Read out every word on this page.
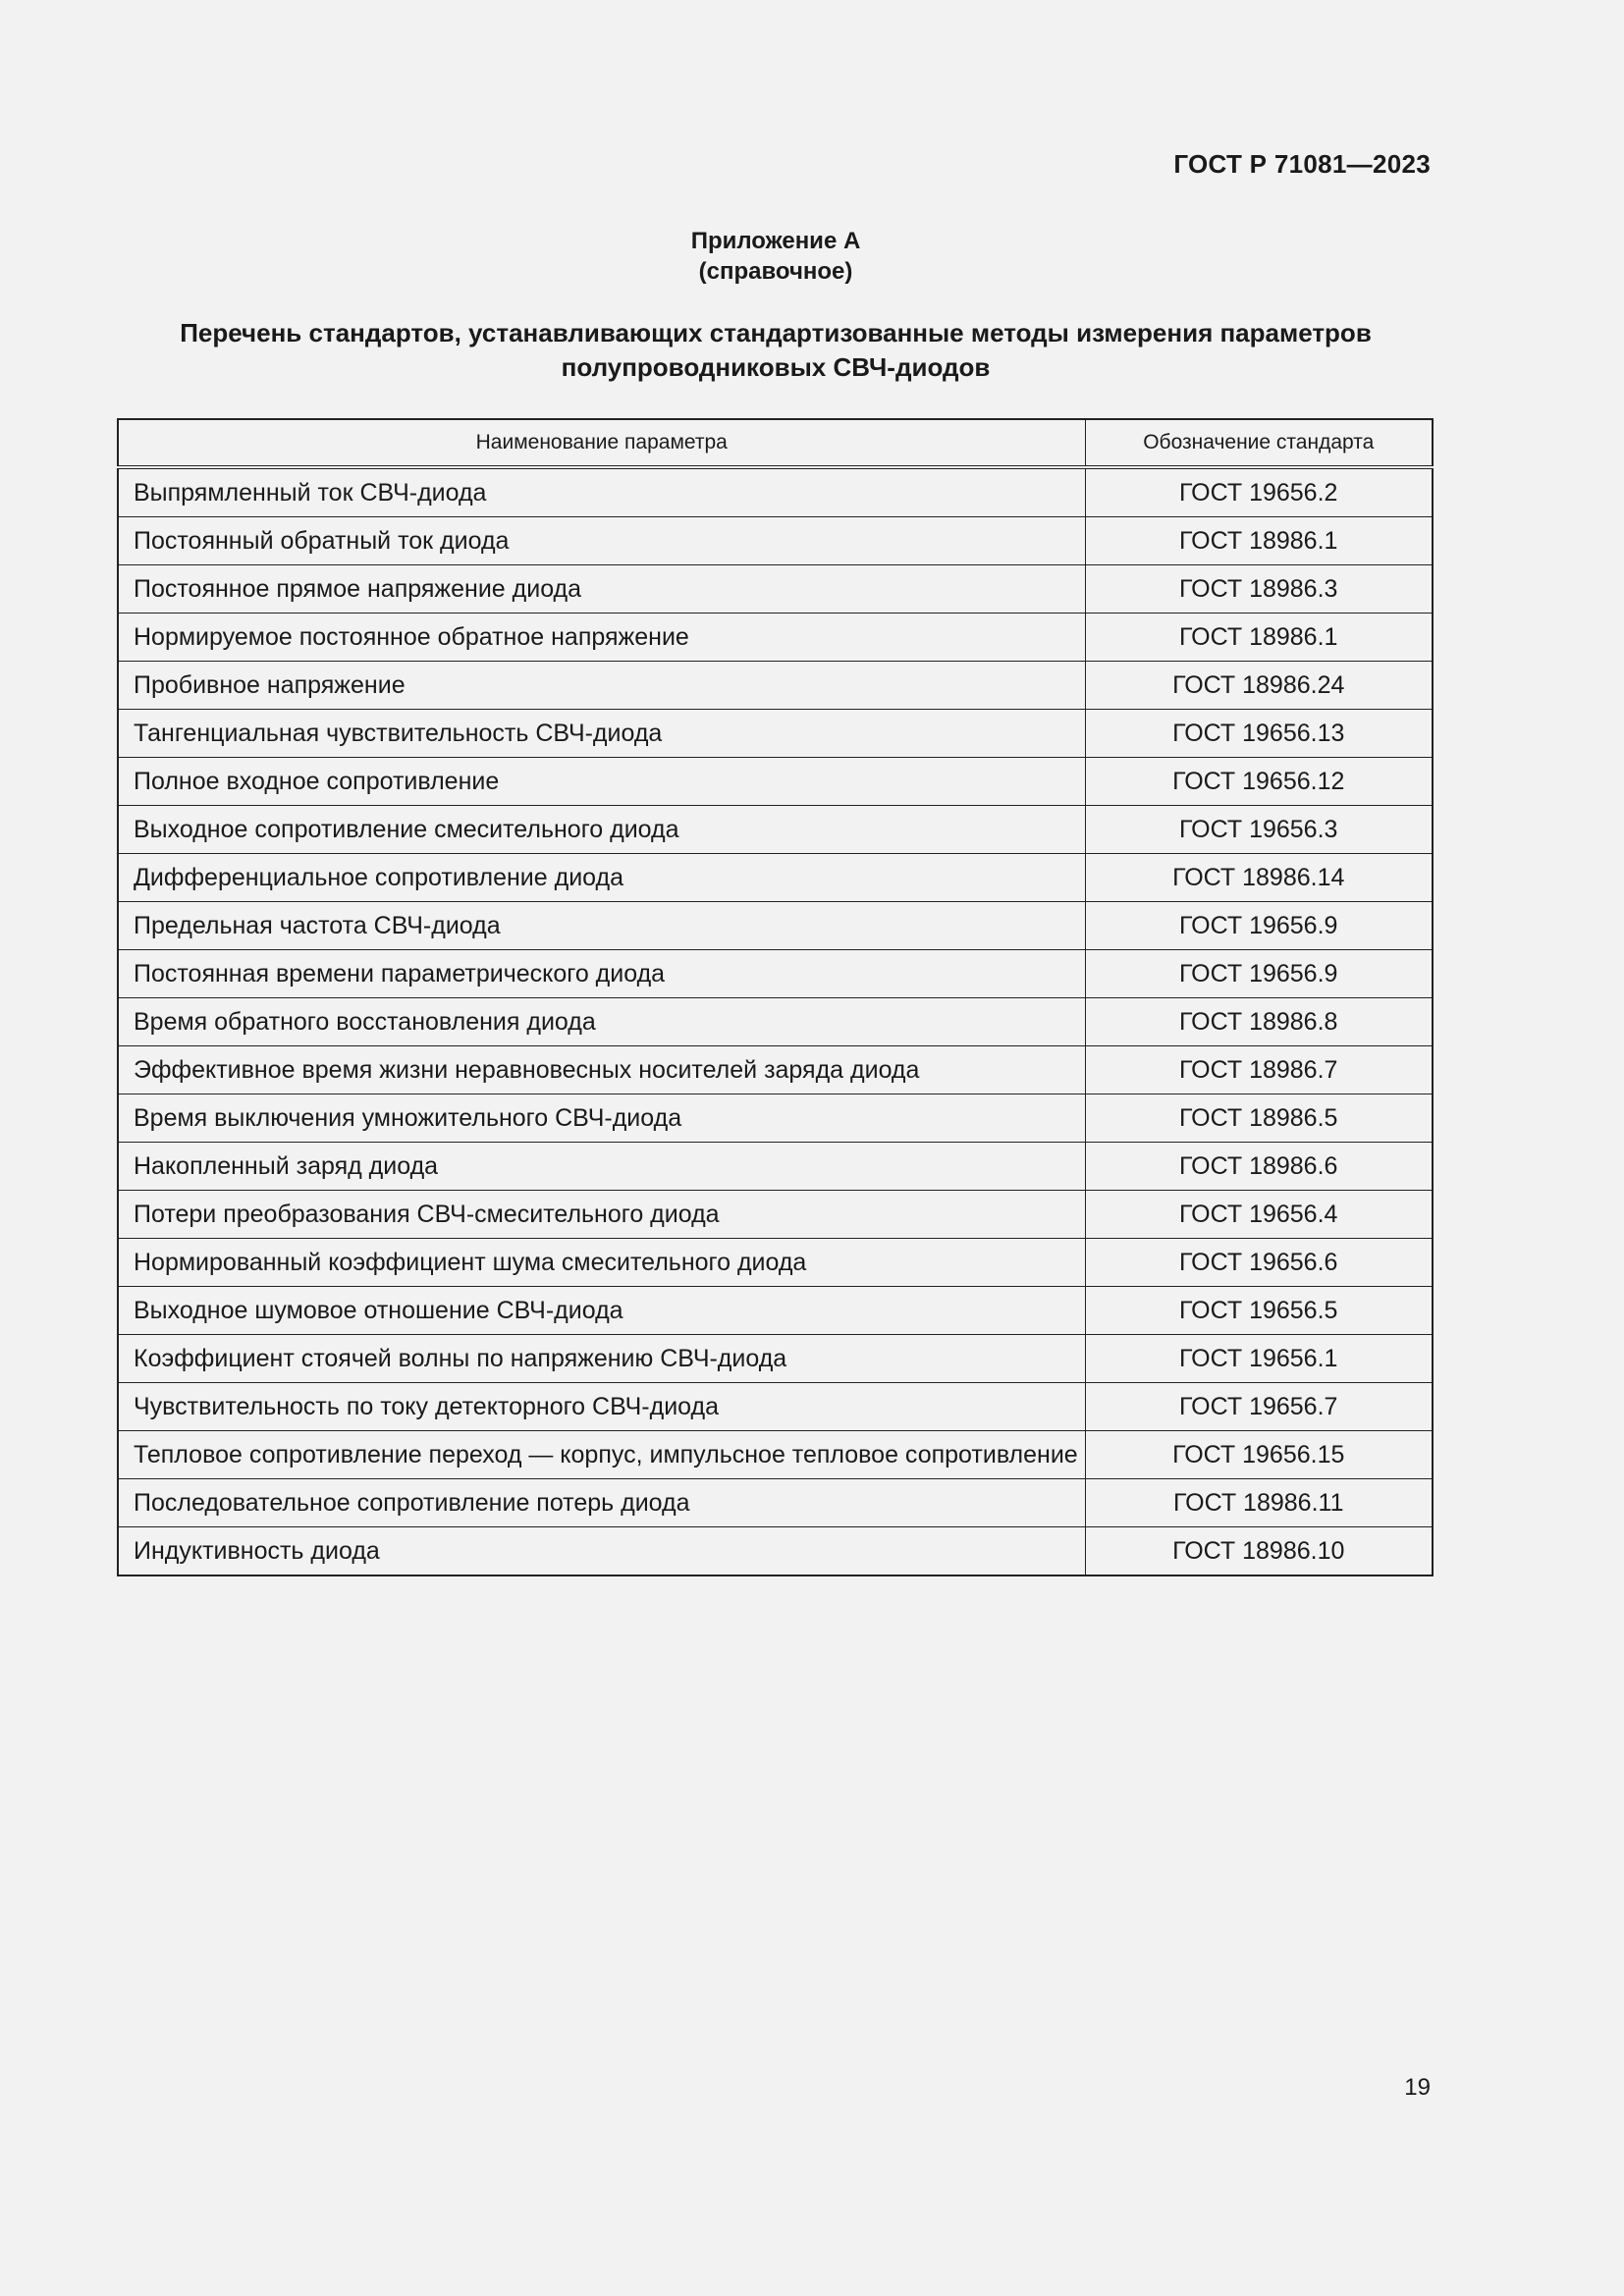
ГОСТ Р 71081—2023
Приложение А
(справочное)
Перечень стандартов, устанавливающих стандартизованные методы измерения параметров
полупроводниковых СВЧ-диодов
Наименование параметра	Обозначение стандарта
Выпрямленный ток СВЧ-диода	ГОСТ 19656.2
Постоянный обратный ток диода	ГОСТ 18986.1
Постоянное прямое напряжение диода	ГОСТ 18986.3
Нормируемое постоянное обратное напряжение	ГОСТ 18986.1
Пробивное напряжение	ГОСТ 18986.24
Тангенциальная чувствительность СВЧ-диода	ГОСТ 19656.13
Полное входное сопротивление	ГОСТ 19656.12
Выходное сопротивление смесительного диода	ГОСТ 19656.3
Дифференциальное сопротивление диода	ГОСТ 18986.14
Предельная частота СВЧ-диода	ГОСТ 19656.9
Постоянная времени параметрического диода	ГОСТ 19656.9
Время обратного восстановления диода	ГОСТ 18986.8
Эффективное время жизни неравновесных носителей заряда диода	ГОСТ 18986.7
Время выключения умножительного СВЧ-диода	ГОСТ 18986.5
Накопленный заряд диода	ГОСТ 18986.6
Потери преобразования СВЧ-смесительного диода	ГОСТ 19656.4
Нормированный коэффициент шума смесительного диода	ГОСТ 19656.6
Выходное шумовое отношение СВЧ-диода	ГОСТ 19656.5
Коэффициент стоячей волны по напряжению СВЧ-диода	ГОСТ 19656.1
Чувствительность по току детекторного СВЧ-диода	ГОСТ 19656.7
Тепловое сопротивление переход — корпус, импульсное тепловое сопротивление	ГОСТ 19656.15
Последовательное сопротивление потерь диода	ГОСТ 18986.11
Индуктивность диода	ГОСТ 18986.10
19
